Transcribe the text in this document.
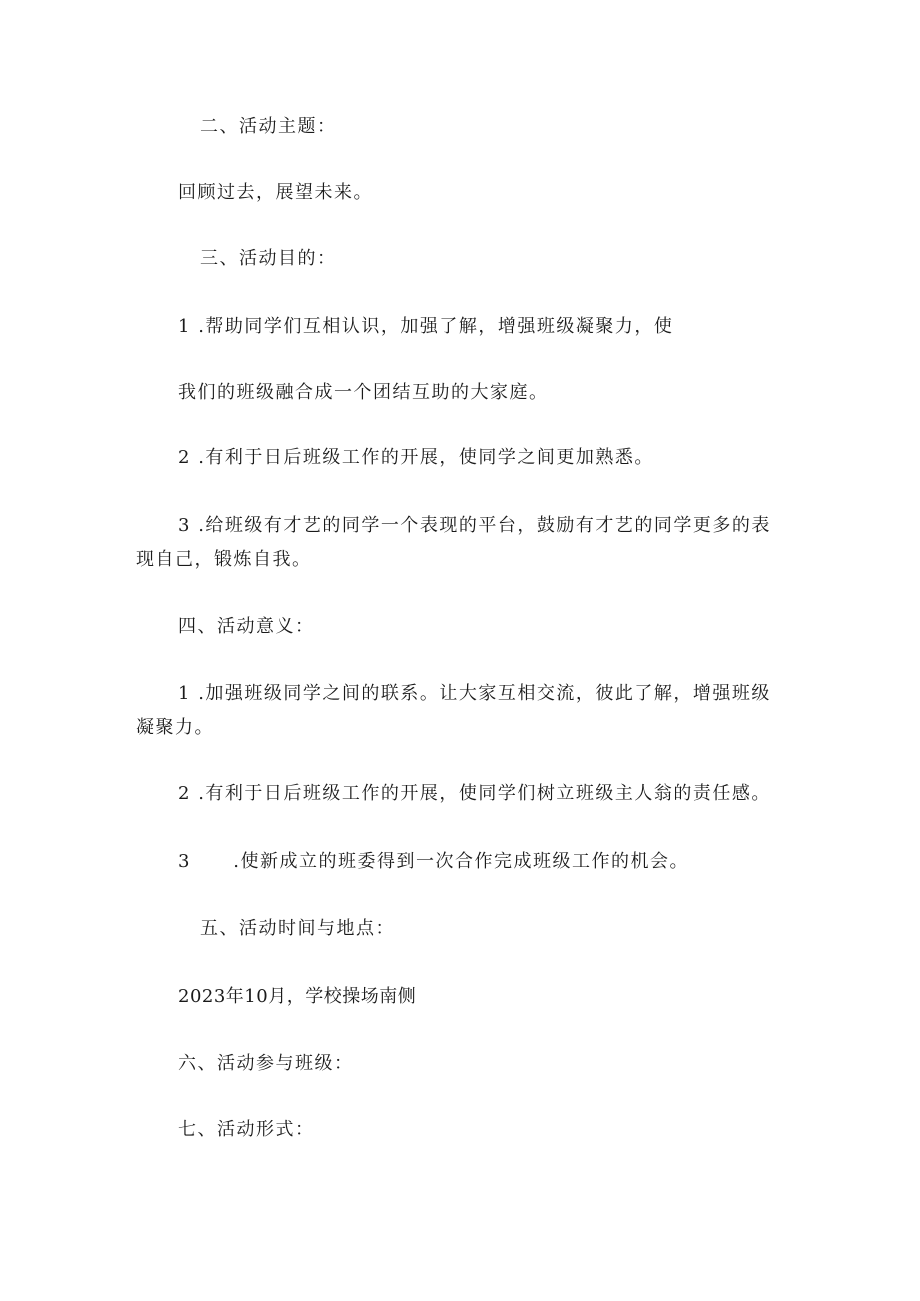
二、活动主题：
回顾过去，展望未来。
三、活动目的：
1 .帮助同学们互相认识，加强了解，增强班级凝聚力，使
我们的班级融合成一个团结互助的大家庭。
2 .有利于日后班级工作的开展，使同学之间更加熟悉。
3 .给班级有才艺的同学一个表现的平台，鼓励有才艺的同学更多的表
现自己，锻炼自我。
四、活动意义：
1 .加强班级同学之间的联系。让大家互相交流，彼此了解，增强班级
凝聚力。
2 .有利于日后班级工作的开展，使同学们树立班级主人翁的责任感。
3 .使新成立的班委得到一次合作完成班级工作的机会。
五、活动时间与地点：
2023年10月，学校操场南侧
六、活动参与班级：
七、活动形式：
